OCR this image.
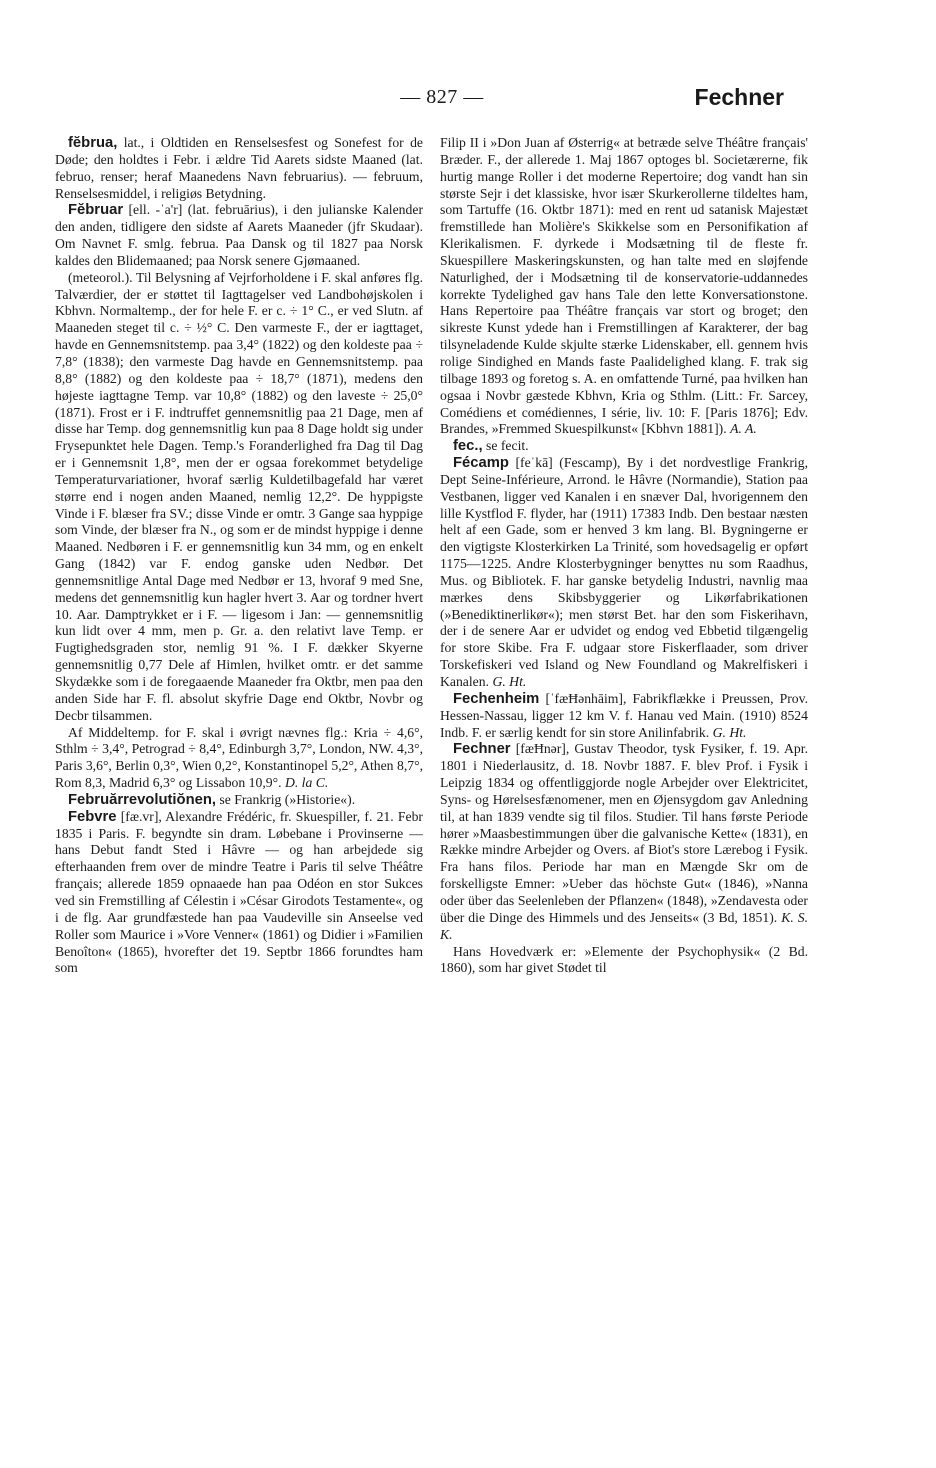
— 827 —	Fechner

fĕbrua, lat., i Oldtiden en Renselsesfest og Sonefest for de Døde; den holdtes i Febr. i ældre Tid Aarets sidste Maaned (lat. februo, renser; heraf Maanedens Navn februarius). — februum, Renselsesmiddel, i religiøs Betydning.

Fĕbruar [ell. -ˈa'r] (lat. februārius), i den julianske Kalender den anden, tidligere den sidste af Aarets Maaneder (jfr Skudaar). Om Navnet F. smlg. februa. Paa Dansk og til 1827 paa Norsk kaldes den Blidemaaned; paa Norsk senere Gjømaaned.

(meteorol.). Til Belysning af Vejrforholdene i F. skal anføres flg. Talværdier, der er støttet til Iagttagelser ved Landbohøjskolen i Kbhvn. Normaltemp., der for hele F. er c. ÷ 1° C., er ved Slutn. af Maaneden steget til c. ÷ ½° C. Den varmeste F., der er iagttaget, havde en Gennemsnitstemp. paa 3,4° (1822) og den koldeste paa ÷ 7,8° (1838); den varmeste Dag havde en Gennemsnitstemp. paa 8,8° (1882) og den koldeste paa ÷ 18,7° (1871), medens den højeste iagttagne Temp. var 10,8° (1882) og den laveste ÷ 25,0° (1871). Frost er i F. indtruffet gennemsnitlig paa 21 Dage, men af disse har Temp. dog gennemsnitlig kun paa 8 Dage holdt sig under Frysepunktet hele Dagen. Temp.'s Foranderlighed fra Dag til Dag er i Gennemsnit 1,8°, men der er ogsaa forekommet betydelige Temperaturvariationer, hvoraf særlig Kuldetilbagefald har været større end i nogen anden Maaned, nemlig 12,2°. De hyppigste Vinde i F. blæser fra SV.; disse Vinde er omtr. 3 Gange saa hyppige som Vinde, der blæser fra N., og som er de mindst hyppige i denne Maaned. Nedbøren i F. er gennemsnitlig kun 34 mm, og en enkelt Gang (1842) var F. endog ganske uden Nedbør. Det gennemsnitlige Antal Dage med Nedbør er 13, hvoraf 9 med Sne, medens det gennemsnitlig kun hagler hvert 3. Aar og tordner hvert 10. Aar. Damptrykket er i F. — ligesom i Jan: — gennemsnitlig kun lidt over 4 mm, men p. Gr. a. den relativt lave Temp. er Fugtighedsgraden stor, nemlig 91 %. I F. dækker Skyerne gennemsnitlig 0,77 Dele af Himlen, hvilket omtr. er det samme Skydække som i de foregaaende Maaneder fra Oktbr, men paa den anden Side har F. fl. absolut skyfrie Dage end Oktbr, Novbr og Decbr tilsammen.

Af Middeltemp. for F. skal i øvrigt nævnes flg.: Kria ÷ 4,6°, Sthlm ÷ 3,4°, Petrograd ÷ 8,4°, Edinburgh 3,7°, London, NW. 4,3°, Paris 3,6°, Berlin 0,3°, Wien 0,2°, Konstantinopel 5,2°, Athen 8,7°, Rom 8,3, Madrid 6,3° og Lissabon 10,9°. D. la C.

Februărrevolutiŏnen, se Frankrig (»Historie«).

Febvre [fæ.vr], Alexandre Frédéric, fr. Skuespiller, f. 21. Febr 1835 i Paris. F. begyndte sin dram. Løbebane i Provinserne — hans Debut fandt Sted i Hâvre — og han arbejdede sig efterhaanden frem over de mindre Teatre i Paris til selve Théâtre français; allerede 1859 opnaaede han paa Odéon en stor Sukces ved sin Fremstilling af Célestin i »César Girodots Testamente«, og i de flg. Aar grundfæstede han paa Vaudeville sin Anseelse ved Roller som Maurice i »Vore Venner« (1861) og Didier i »Familien Benoîton« (1865), hvorefter det 19. Septbr 1866 forundtes ham som

Filip II i »Don Juan af Østerrig« at betræde selve Théâtre français' Bræder. F., der allerede 1. Maj 1867 optoges bl. Societærerne, fik hurtig mange Roller i det moderne Repertoire; dog vandt han sin største Sejr i det klassiske, hvor især Skurkerollerne tildeltes ham, som Tartuffe (16. Oktbr 1871): med en rent ud satanisk Majestæt fremstillede han Molière's Skikkelse som en Personifikation af Klerikalismen. F. dyrkede i Modsætning til de fleste fr. Skuespillere Maskeringskunsten, og han talte med en sløjfende Naturlighed, der i Modsætning til de konservatorie-uddannedes korrekte Tydelighed gav hans Tale den lette Konversationstone. Hans Repertoire paa Théâtre français var stort og broget; den sikreste Kunst ydede han i Fremstillingen af Karakterer, der bag tilsyneladende Kulde skjulte stærke Lidenskaber, ell. gennem hvis rolige Sindighed en Mands faste Paalidelighed klang. F. trak sig tilbage 1893 og foretog s. A. en omfattende Turné, paa hvilken han ogsaa i Novbr gæstede Kbhvn, Kria og Sthlm. (Litt.: Fr. Sarcey, Comédiens et comédiennes, I série, liv. 10: F. [Paris 1876]; Edv. Brandes, »Fremmed Skuespilkunst« [Kbhvn 1881]). A. A.

fec., se fecit.

Fécamp [feˈkā] (Fescamp), By i det nordvestlige Frankrig, Dept Seine-Inférieure, Arrond. le Hâvre (Normandie), Station paa Vestbanen, ligger ved Kanalen i en snæver Dal, hvorigennem den lille Kystflod F. flyder, har (1911) 17383 Indb. Den bestaar næsten helt af een Gade, som er henved 3 km lang. Bl. Bygningerne er den vigtigste Klosterkirken La Trinité, som hovedsagelig er opført 1175—1225. Andre Klosterbygninger benyttes nu som Raadhus, Mus. og Bibliotek. F. har ganske betydelig Industri, navnlig maa mærkes dens Skibsbyggerier og Likørfabrikationen (»Benediktinerlikør«); men størst Bet. har den som Fiskerihavn, der i de senere Aar er udvidet og endog ved Ebbetid tilgængelig for store Skibe. Fra F. udgaar store Fiskerflaader, som driver Torskefiskeri ved Island og New Foundland og Makrelfiskeri i Kanalen. G. Ht.

Fechenheim [ˈfæĦənhāim], Fabrikflække i Preussen, Prov. Hessen-Nassau, ligger 12 km V. f. Hanau ved Main. (1910) 8524 Indb. F. er særlig kendt for sin store Anilinfabrik. G. Ht.

Fechner [fæĦnər], Gustav Theodor, tysk Fysiker, f. 19. Apr. 1801 i Niederlausitz, d. 18. Novbr 1887. F. blev Prof. i Fysik i Leipzig 1834 og offentliggjorde nogle Arbejder over Elektricitet, Syns- og Hørelsesfænomener, men en Øjensygdom gav Anledning til, at han 1839 vendte sig til filos. Studier. Til hans første Periode hører »Maasbestimmungen über die galvanische Kette« (1831), en Række mindre Arbejder og Overs. af Biot's store Lærebog i Fysik. Fra hans filos. Periode har man en Mængde Skr om de forskelligste Emner: »Ueber das höchste Gut« (1846), »Nanna oder über das Seelenleben der Pflanzen« (1848), »Zendavesta oder über die Dinge des Himmels und des Jenseits« (3 Bd, 1851). K. S. K.

Hans Hovedværk er: »Elemente der Psychophysik« (2 Bd. 1860), som har givet Stødet til
